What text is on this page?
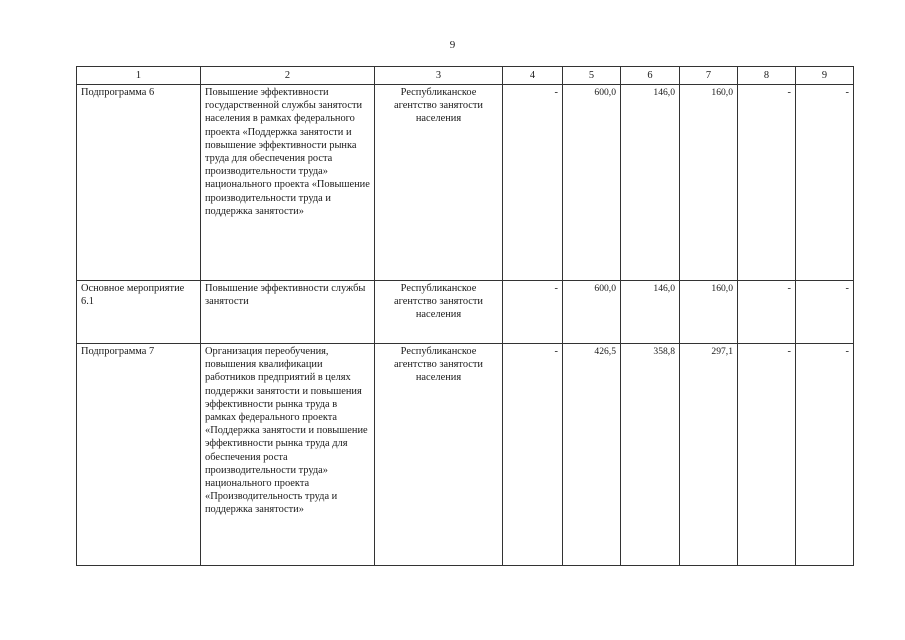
9
1	2	3	4	5	6	7	8	9
Подпрограмма 6	Повышение эффективности государственной службы занятости населения в рамках федерального проекта «Поддержка занятости и повышение эффективности рынка труда для обеспечения роста производительности труда» национального проекта «Повышение производительности труда и поддержка занятости»	Республиканское агентство занятости населения	-	600,0	146,0	160,0	-	-
Основное мероприятие 6.1	Повышение эффективности службы занятости	Республиканское агентство занятости населения	-	600,0	146,0	160,0	-	-
Подпрограмма 7	Организация переобучения, повышения квалификации работников предприятий в целях поддержки занятости и повышения эффективности рынка труда в рамках федерального проекта «Поддержка занятости и повышение эффективности рынка труда для обеспечения роста производительности труда» национального проекта «Производительность труда и поддержка занятости»	Республиканское агентство занятости населения	-	426,5	358,8	297,1	-	-
